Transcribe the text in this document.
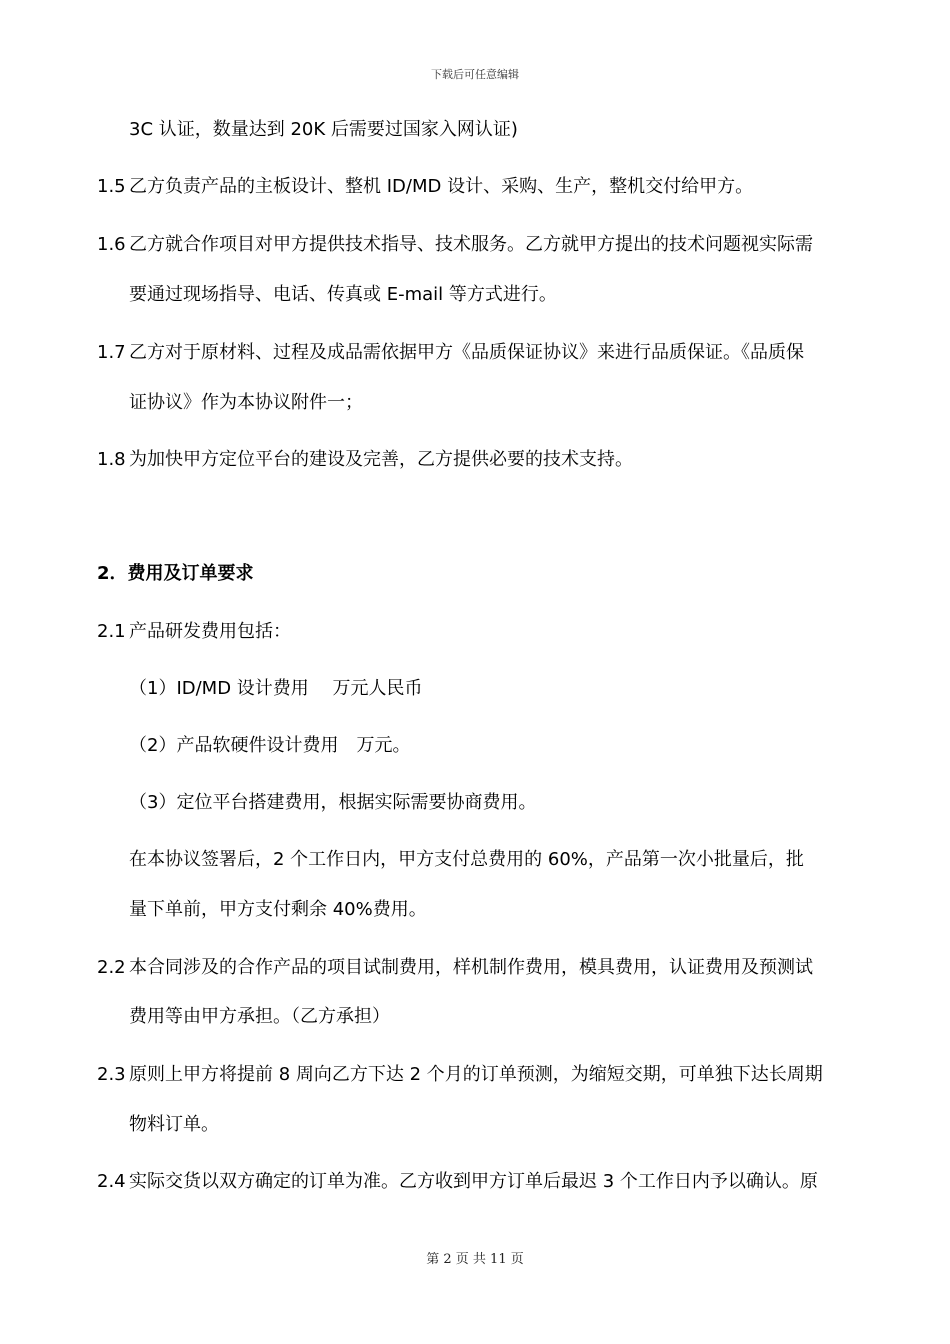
下载后可任意编辑
3C 认证，数量达到 20K 后需要过国家入网认证)
1.5 乙方负责产品的主板设计、整机 ID/MD 设计、采购、生产，整机交付给甲方。
1.6 乙方就合作项目对甲方提供技术指导、技术服务。乙方就甲方提出的技术问题视实际需
要通过现场指导、电话、传真或 E-mail 等方式进行。
1.7 乙方对于原材料、过程及成品需依据甲方《品质保证协议》来进行品质保证。《品质保
证协议》作为本协议附件一；
1.8 为加快甲方定位平台的建设及完善，乙方提供必要的技术支持。
2．费用及订单要求
2.1 产品研发费用包括：
（1）ID/MD 设计费用　 万元人民币
（2）产品软硬件设计费用　万元。
（3）定位平台搭建费用，根据实际需要协商费用。
在本协议签署后，2 个工作日内，甲方支付总费用的 60%，产品第一次小批量后，批
量下单前，甲方支付剩余 40%费用。
2.2 本合同涉及的合作产品的项目试制费用，样机制作费用，模具费用，认证费用及预测试
费用等由甲方承担。（乙方承担）
2.3 原则上甲方将提前 8 周向乙方下达 2 个月的订单预测，为缩短交期，可单独下达长周期
物料订单。
2.4 实际交货以双方确定的订单为准。乙方收到甲方订单后最迟 3 个工作日内予以确认。原
第 2 页 共 11 页
